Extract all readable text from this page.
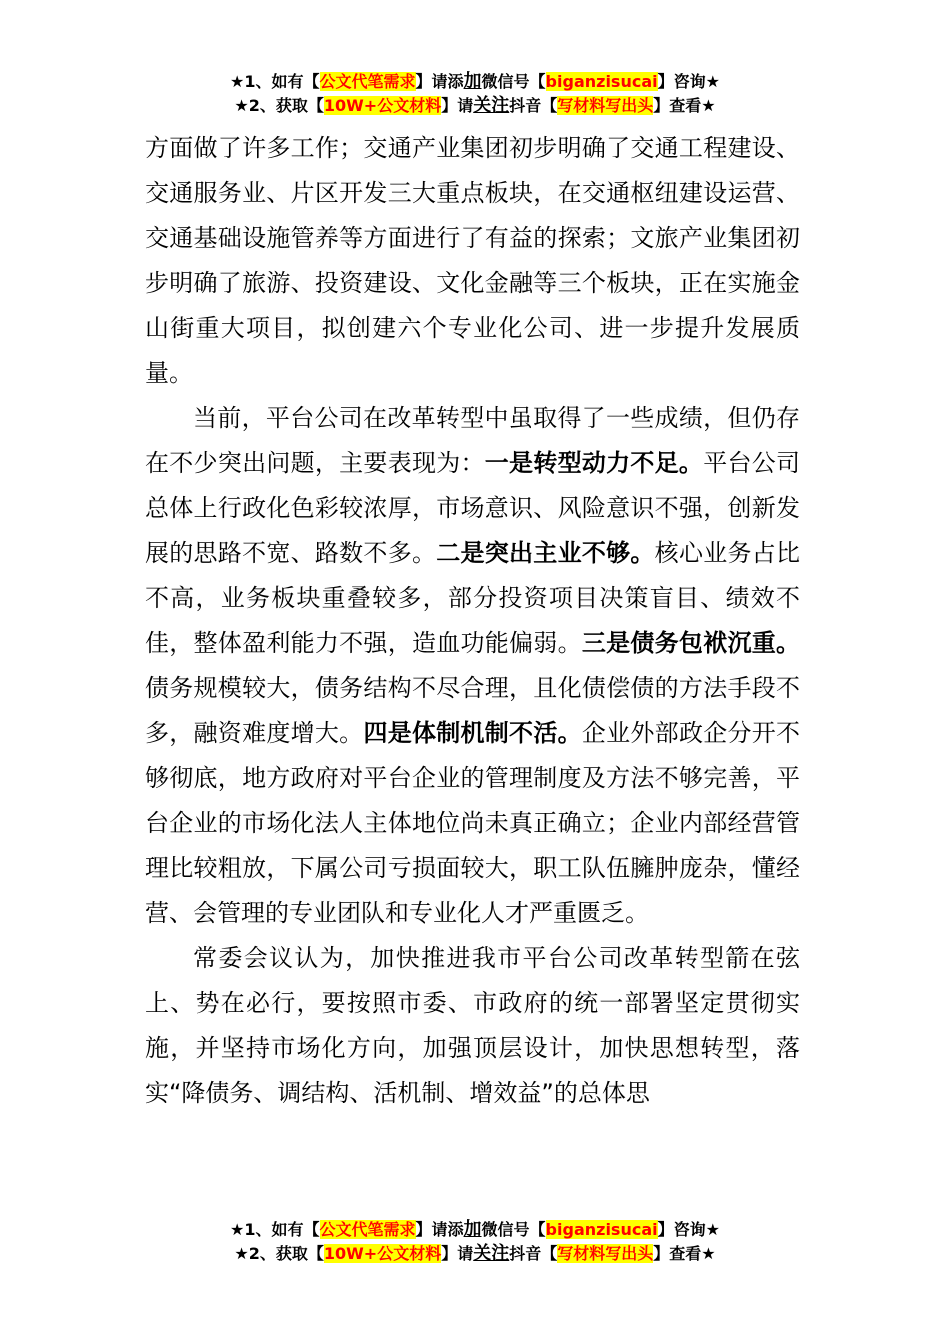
★1、如有【公文代笔需求】请添加微信号【biganzisucai】咨询★
★2、获取【10W+公文材料】请关注抖音【写材料写出头】查看★

方面做了许多工作；交通产业集团初步明确了交通工程建设、交通服务业、片区开发三大重点板块，在交通枢纽建设运营、交通基础设施管养等方面进行了有益的探索；文旅产业集团初步明确了旅游、投资建设、文化金融等三个板块，正在实施金山街重大项目，拟创建六个专业化公司、进一步提升发展质量。

当前，平台公司在改革转型中虽取得了一些成绩，但仍存在不少突出问题，主要表现为：一是转型动力不足。平台公司总体上行政化色彩较浓厚，市场意识、风险意识不强，创新发展的思路不宽、路数不多。二是突出主业不够。核心业务占比不高，业务板块重叠较多，部分投资项目决策盲目、绩效不佳，整体盈利能力不强，造血功能偏弱。三是债务包袱沉重。债务规模较大，债务结构不尽合理，且化债偿债的方法手段不多，融资难度增大。四是体制机制不活。企业外部政企分开不够彻底，地方政府对平台企业的管理制度及方法不够完善，平台企业的市场化法人主体地位尚未真正确立；企业内部经营管理比较粗放，下属公司亏损面较大，职工队伍臃肿庞杂，懂经营、会管理的专业团队和专业化人才严重匮乏。

常委会议认为，加快推进我市平台公司改革转型箭在弦上、势在必行，要按照市委、市政府的统一部署坚定贯彻实施，并坚持市场化方向，加强顶层设计，加快思想转型，落实“降债务、调结构、活机制、增效益”的总体思

★1、如有【公文代笔需求】请添加微信号【biganzisucai】咨询★
★2、获取【10W+公文材料】请关注抖音【写材料写出头】查看★
